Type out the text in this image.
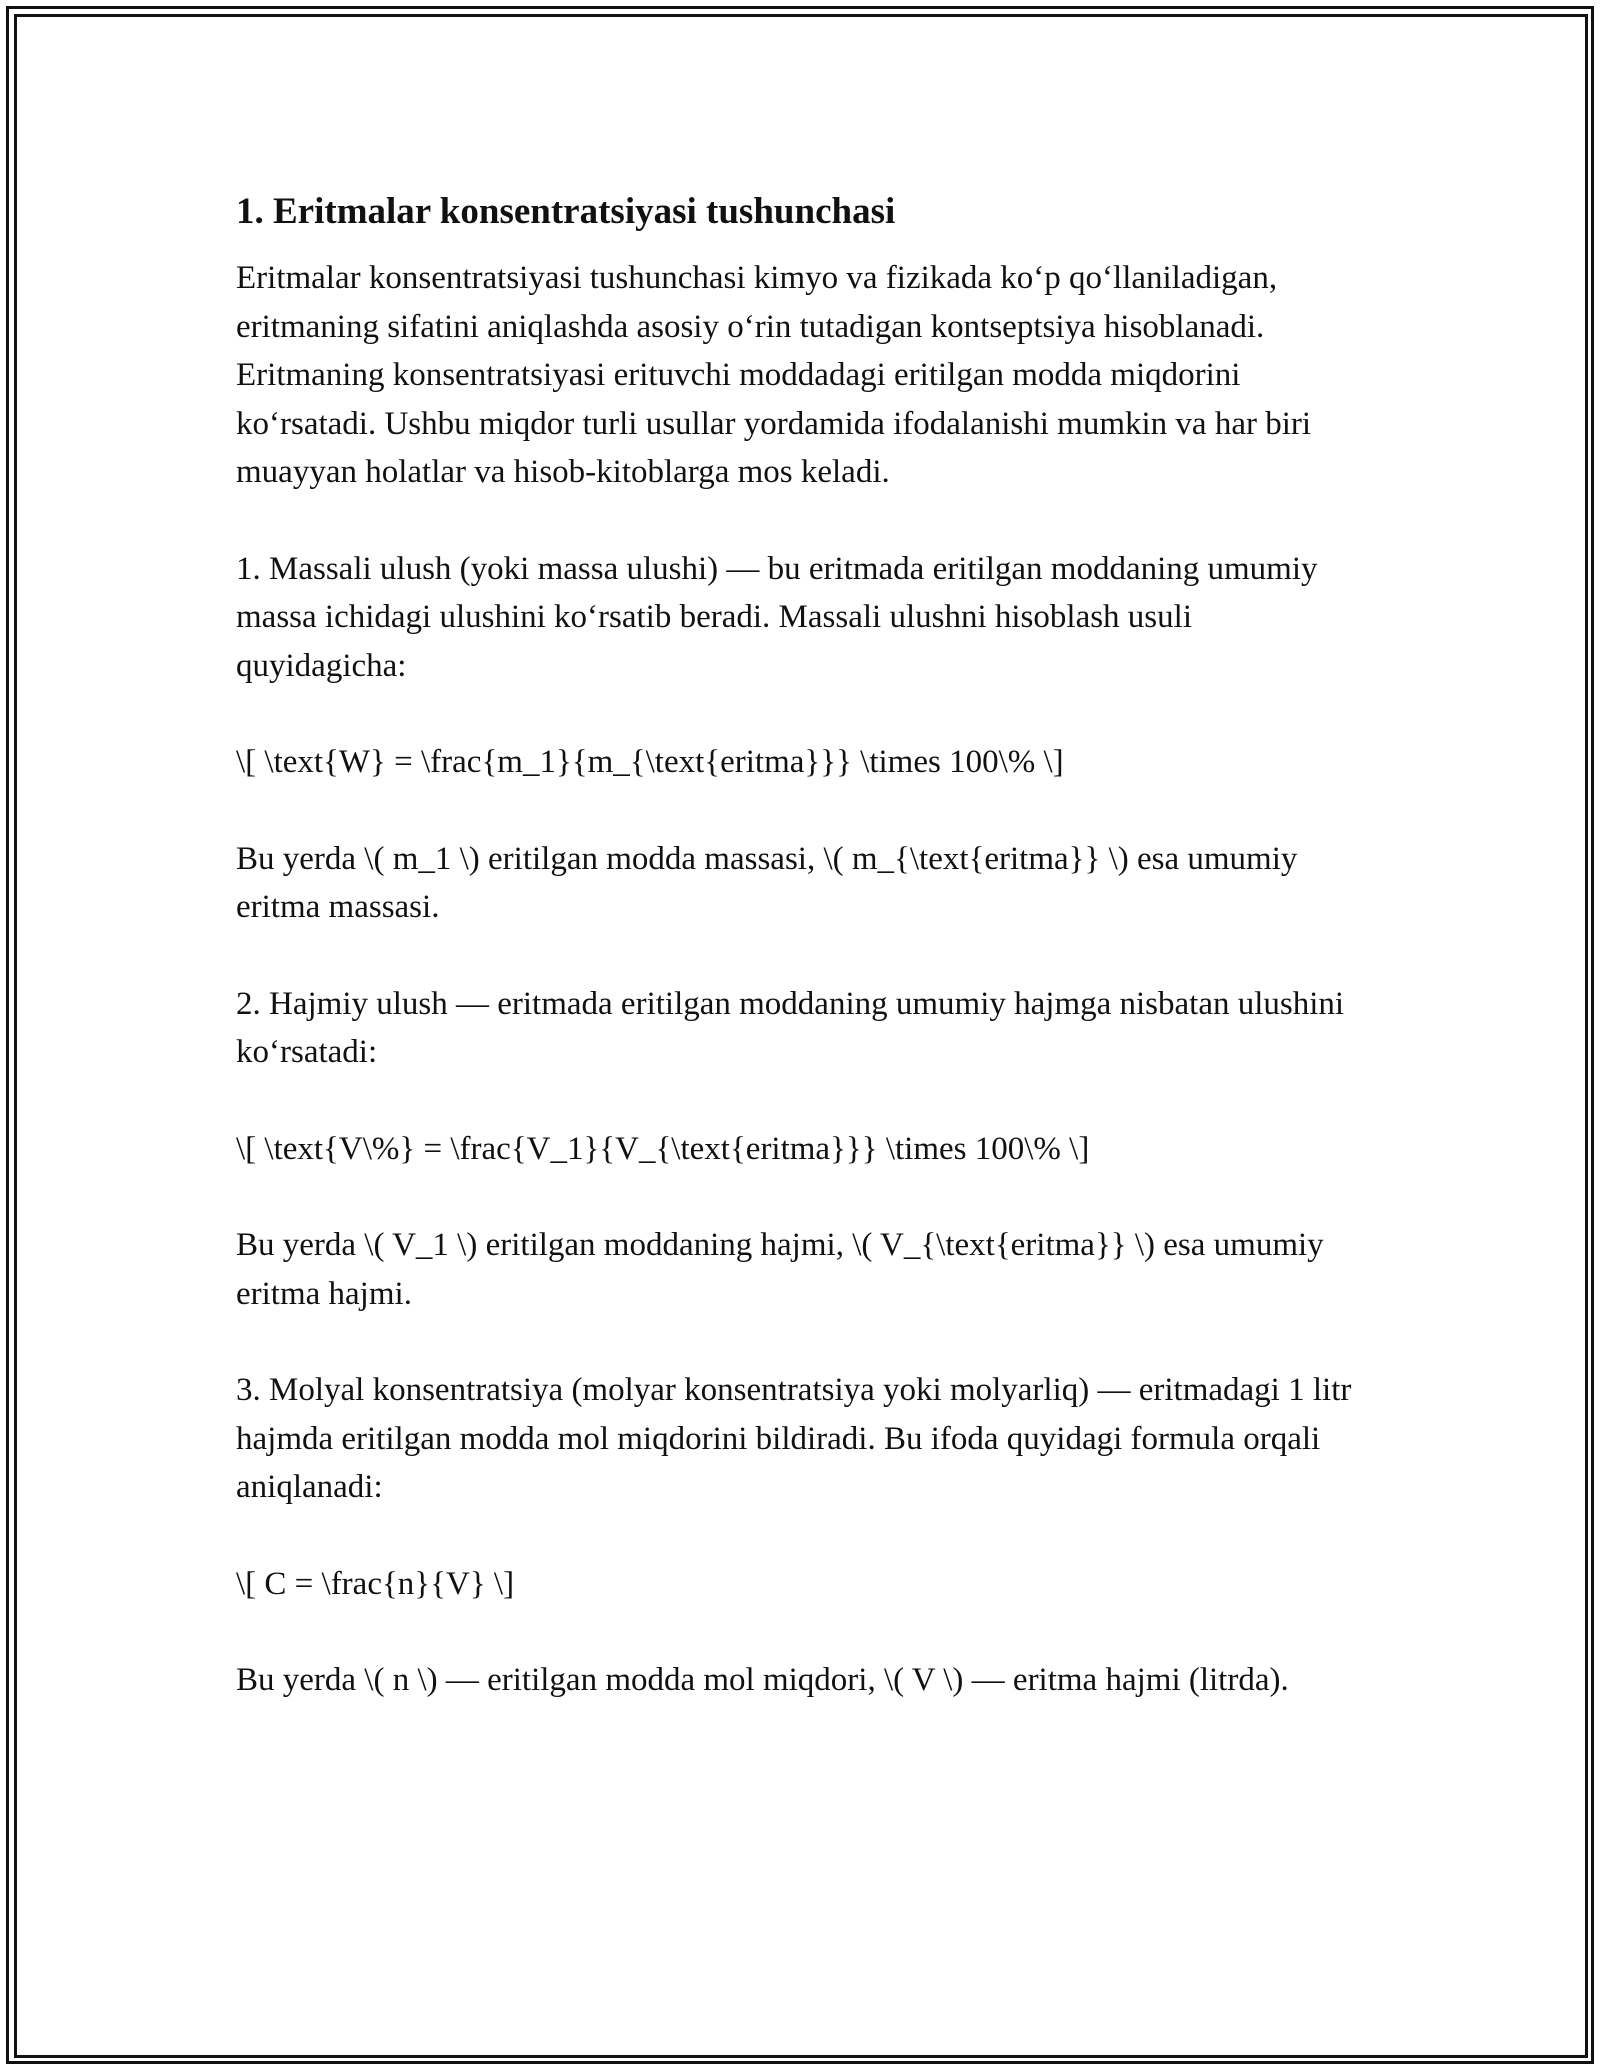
1. Eritmalar konsentratsiyasi tushunchasi

Eritmalar konsentratsiyasi tushunchasi kimyo va fizikada ko‘p qo‘llaniladigan, eritmaning sifatini aniqlashda asosiy o‘rin tutadigan kontseptsiya hisoblanadi. Eritmaning konsentratsiyasi erituvchi moddadagi eritilgan modda miqdorini ko‘rsatadi. Ushbu miqdor turli usullar yordamida ifodalanishi mumkin va har biri muayyan holatlar va hisob-kitoblarga mos keladi.

1. Massali ulush (yoki massa ulushi) — bu eritmada eritilgan moddaning umumiy massa ichidagi ulushini ko‘rsatib beradi. Massali ulushni hisoblash usuli quyidagicha:

\[ \text{W} = \frac{m_1}{m_{\text{eritma}}} \times 100\% \]

Bu yerda \( m_1 \) eritilgan modda massasi, \( m_{\text{eritma}} \) esa umumiy eritma massasi.

2. Hajmiy ulush — eritmada eritilgan moddaning umumiy hajmga nisbatan ulushini ko‘rsatadi:

\[ \text{V\%} = \frac{V_1}{V_{\text{eritma}}} \times 100\% \]

Bu yerda \( V_1 \) eritilgan moddaning hajmi, \( V_{\text{eritma}} \) esa umumiy eritma hajmi.

3. Molyal konsentratsiya (molyar konsentratsiya yoki molyarliq) — eritmadagi 1 litr hajmda eritilgan modda mol miqdorini bildiradi. Bu ifoda quyidagi formula orqali aniqlanadi:

\[ C = \frac{n}{V} \]

Bu yerda \( n \) — eritilgan modda mol miqdori, \( V \) — eritma hajmi (litrda).
